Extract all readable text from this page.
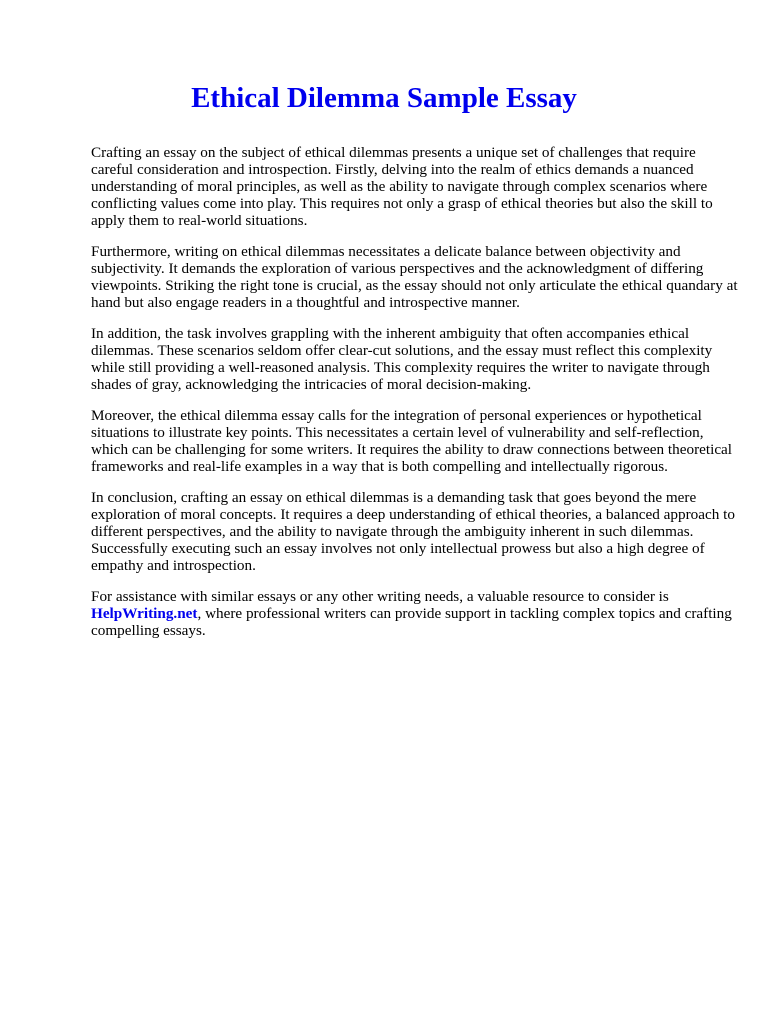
Ethical Dilemma Sample Essay

Crafting an essay on the subject of ethical dilemmas presents a unique set of challenges that require careful consideration and introspection. Firstly, delving into the realm of ethics demands a nuanced understanding of moral principles, as well as the ability to navigate through complex scenarios where conflicting values come into play. This requires not only a grasp of ethical theories but also the skill to apply them to real-world situations.

Furthermore, writing on ethical dilemmas necessitates a delicate balance between objectivity and subjectivity. It demands the exploration of various perspectives and the acknowledgment of differing viewpoints. Striking the right tone is crucial, as the essay should not only articulate the ethical quandary at hand but also engage readers in a thoughtful and introspective manner.

In addition, the task involves grappling with the inherent ambiguity that often accompanies ethical dilemmas. These scenarios seldom offer clear-cut solutions, and the essay must reflect this complexity while still providing a well-reasoned analysis. This complexity requires the writer to navigate through shades of gray, acknowledging the intricacies of moral decision-making.

Moreover, the ethical dilemma essay calls for the integration of personal experiences or hypothetical situations to illustrate key points. This necessitates a certain level of vulnerability and self-reflection, which can be challenging for some writers. It requires the ability to draw connections between theoretical frameworks and real-life examples in a way that is both compelling and intellectually rigorous.

In conclusion, crafting an essay on ethical dilemmas is a demanding task that goes beyond the mere exploration of moral concepts. It requires a deep understanding of ethical theories, a balanced approach to different perspectives, and the ability to navigate through the ambiguity inherent in such dilemmas. Successfully executing such an essay involves not only intellectual prowess but also a high degree of empathy and introspection.

For assistance with similar essays or any other writing needs, a valuable resource to consider is HelpWriting.net, where professional writers can provide support in tackling complex topics and crafting compelling essays.
